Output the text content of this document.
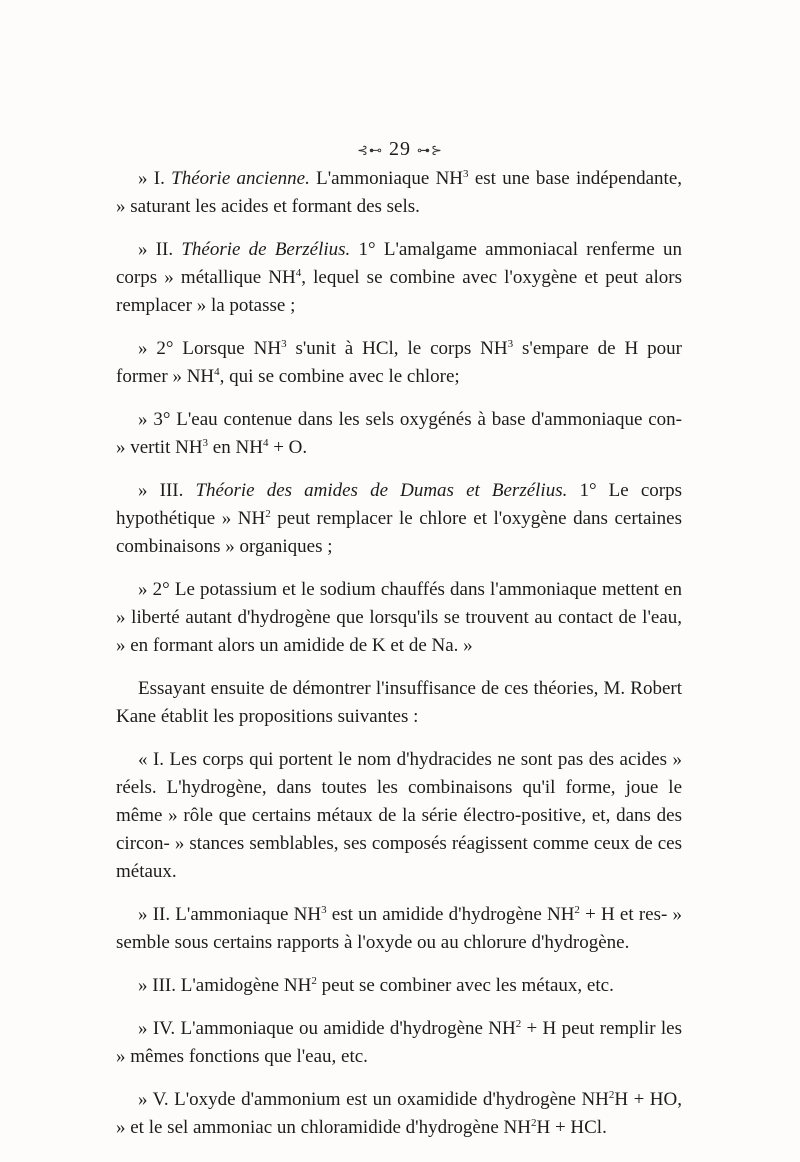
⊰⊷ 29 ⊶⊱

» I. Théorie ancienne. L'ammoniaque $NH^3$ est une base indépendante, » saturant les acides et formant des sels.

» II. Théorie de Berzélius. 1° L'amalgame ammoniacal renferme un corps » métallique $NH^4$, lequel se combine avec l'oxygène et peut alors remplacer » la potasse ;

» 2° Lorsque $NH^3$ s'unit à HCl, le corps $NH^3$ s'empare de H pour former » $NH^4$, qui se combine avec le chlore;

» 3° L'eau contenue dans les sels oxygénés à base d'ammoniaque con- » vertit $NH^3$ en $NH^4 + O$.

» III. Théorie des amides de Dumas et Berzélius. 1° Le corps hypothétique » $NH^2$ peut remplacer le chlore et l'oxygène dans certaines combinaisons » organiques ;

» 2° Le potassium et le sodium chauffés dans l'ammoniaque mettent en » liberté autant d'hydrogène que lorsqu'ils se trouvent au contact de l'eau, » en formant alors un amidide de K et de Na. »

Essayant ensuite de démontrer l'insuffisance de ces théories, M. Robert Kane établit les propositions suivantes :

« I. Les corps qui portent le nom d'hydracides ne sont pas des acides » réels. L'hydrogène, dans toutes les combinaisons qu'il forme, joue le même » rôle que certains métaux de la série électro-positive, et, dans des circon- » stances semblables, ses composés réagissent comme ceux de ces métaux.

» II. L'ammoniaque $NH^3$ est un amidide d'hydrogène $NH^2 + H$ et res- » semble sous certains rapports à l'oxyde ou au chlorure d'hydrogène.

» III. L'amidogène $NH^2$ peut se combiner avec les métaux, etc.

» IV. L'ammoniaque ou amidide d'hydrogène $NH^2 + H$ peut remplir les » mêmes fonctions que l'eau, etc.

» V. L'oxyde d'ammonium est un oxamidide d'hydrogène $NH^2H$ + HO, » et le sel ammoniac un chloramidide d'hydrogène $NH^2H$ + HCl.
